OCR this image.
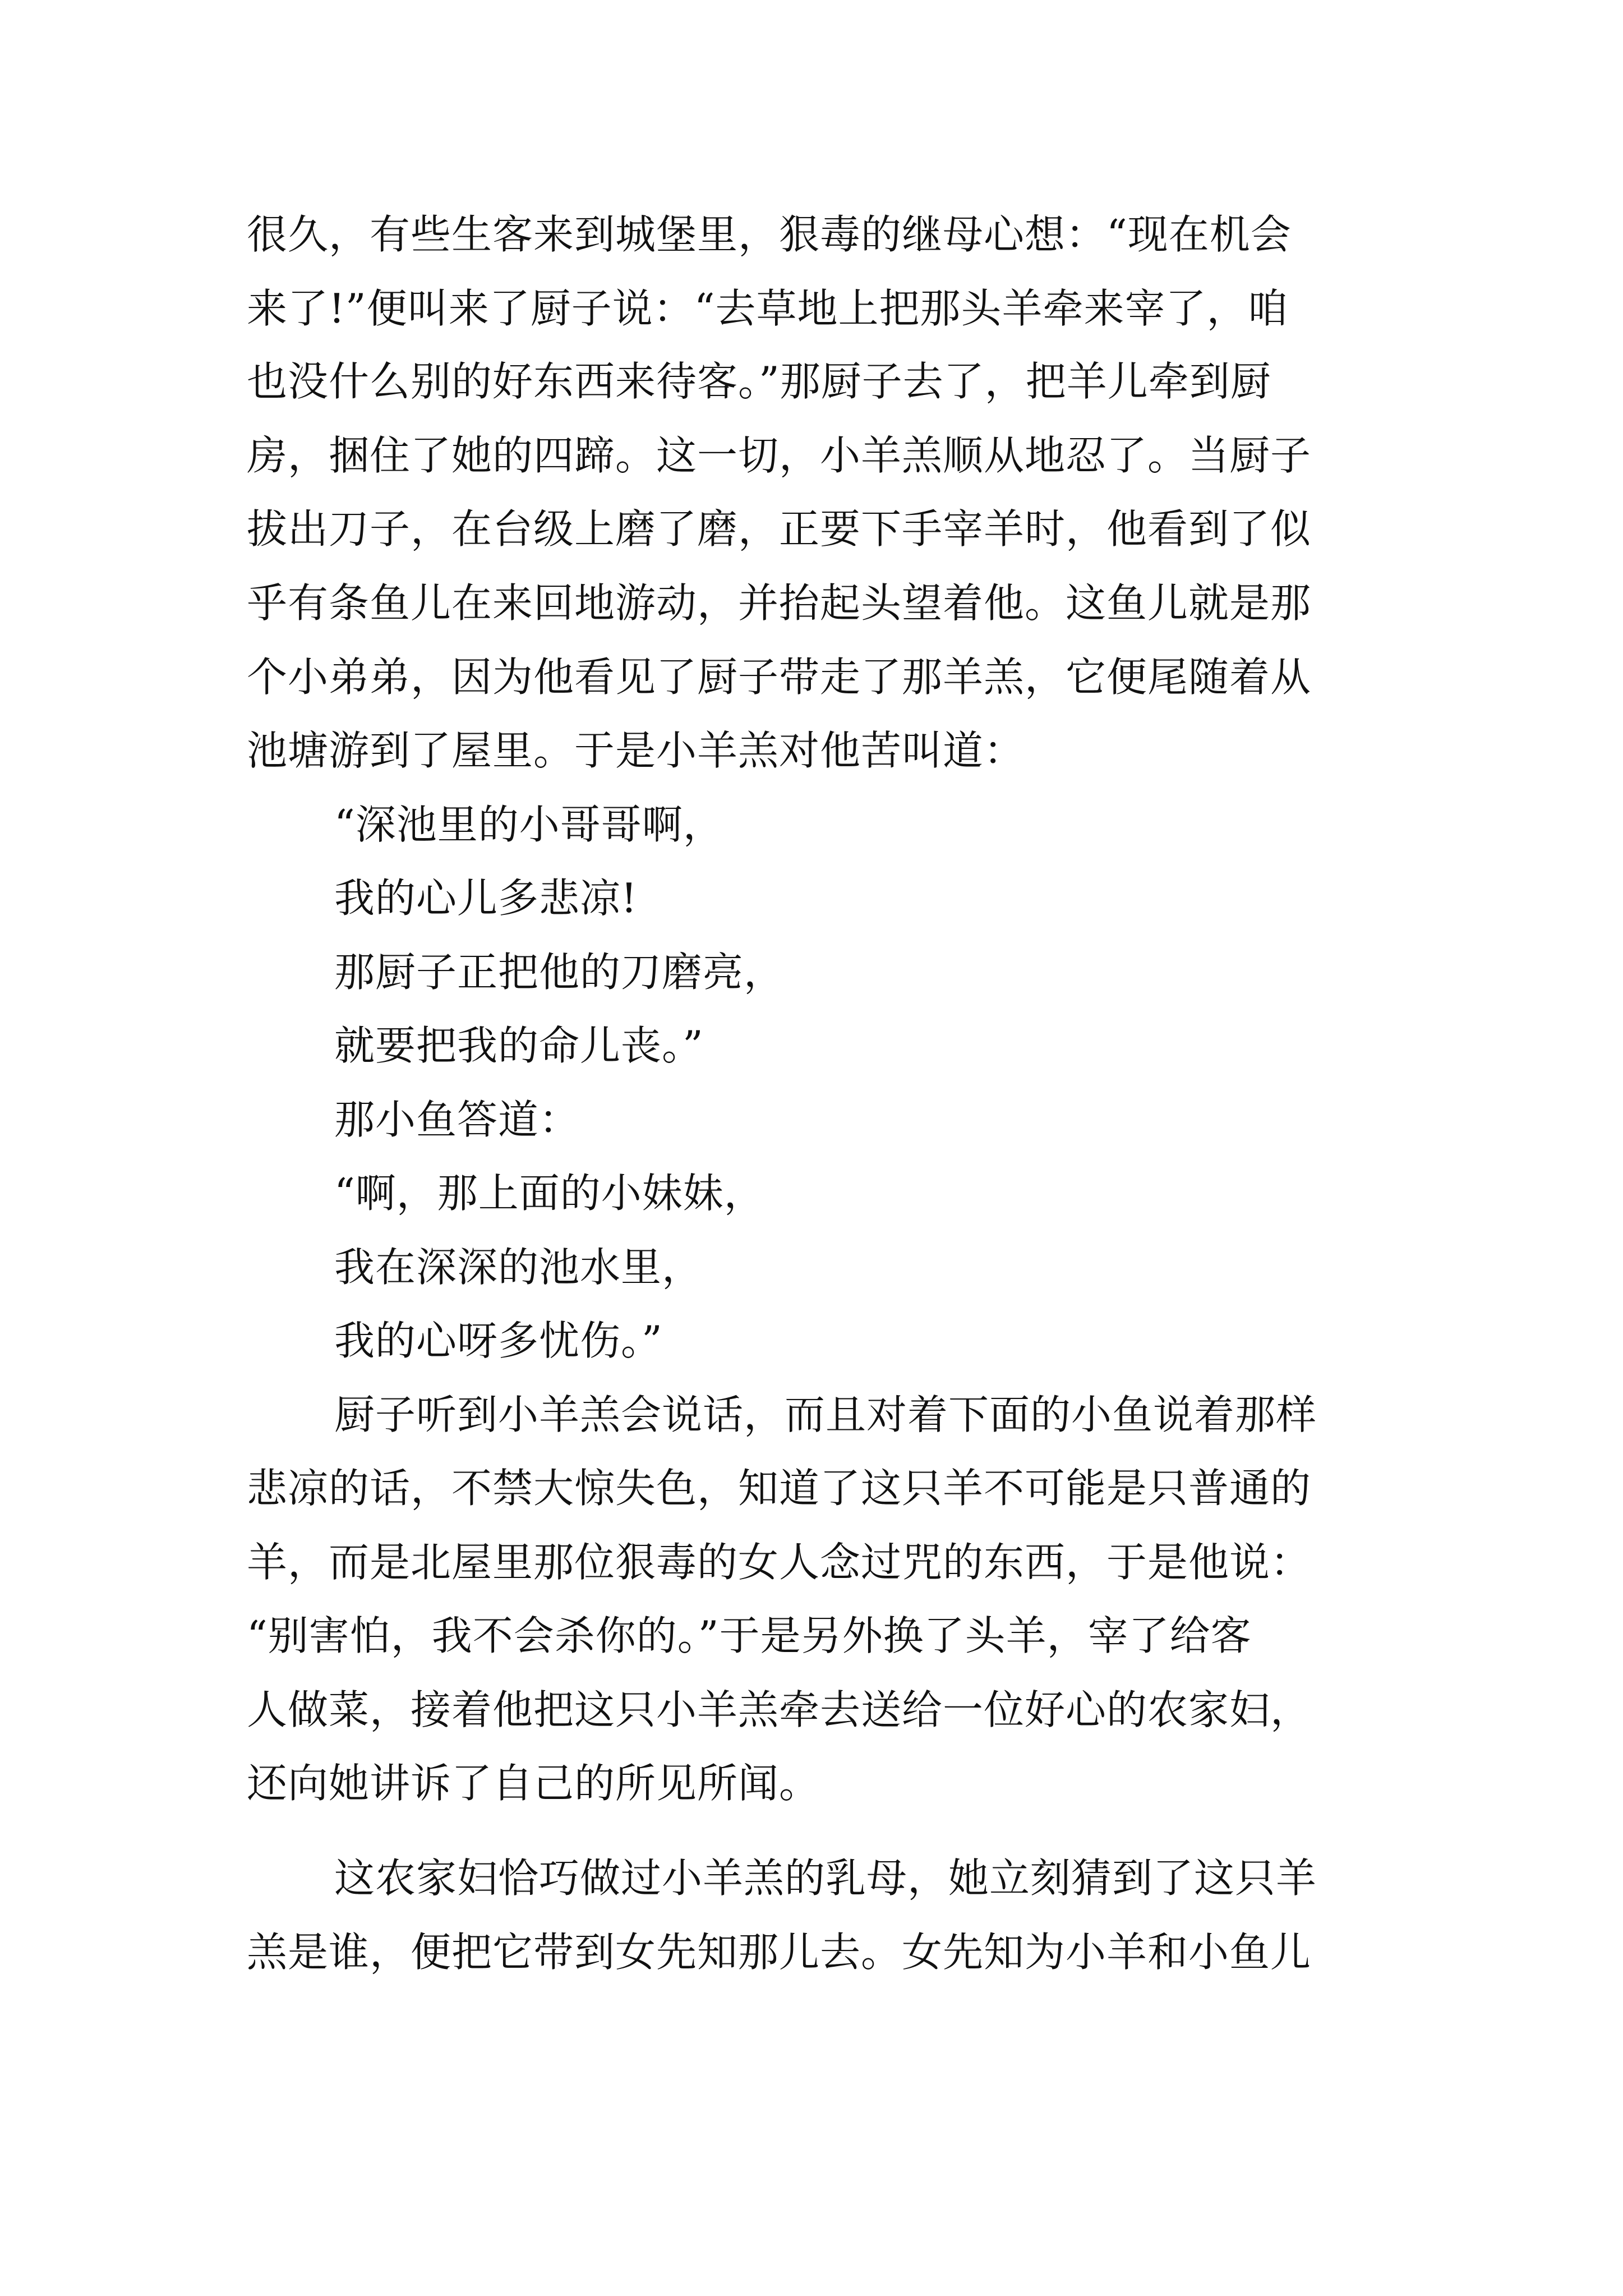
很久，有些生客来到城堡里，狠毒的继母心想：“现在机会
来了!”便叫来了厨子说：“去草地上把那头羊牵来宰了，咱
也没什么别的好东西来待客。”那厨子去了，把羊儿牵到厨
房，捆住了她的四蹄。这一切，小羊羔顺从地忍了。当厨子
拔出刀子，在台级上磨了磨，正要下手宰羊时，他看到了似
乎有条鱼儿在来回地游动，并抬起头望着他。这鱼儿就是那
个小弟弟，因为他看见了厨子带走了那羊羔，它便尾随着从
池塘游到了屋里。于是小羊羔对他苦叫道：
“深池里的小哥哥啊，
我的心儿多悲凉!
那厨子正把他的刀磨亮，
就要把我的命儿丧。”
那小鱼答道：
“啊，那上面的小妹妹，
我在深深的池水里，
我的心呀多忧伤。”
厨子听到小羊羔会说话，而且对着下面的小鱼说着那样
悲凉的话，不禁大惊失色，知道了这只羊不可能是只普通的
羊，而是北屋里那位狠毒的女人念过咒的东西，于是他说：
“别害怕，我不会杀你的。”于是另外换了头羊，宰了给客
人做菜，接着他把这只小羊羔牵去送给一位好心的农家妇，
还向她讲诉了自己的所见所闻。
这农家妇恰巧做过小羊羔的乳母，她立刻猜到了这只羊
羔是谁，便把它带到女先知那儿去。女先知为小羊和小鱼儿
